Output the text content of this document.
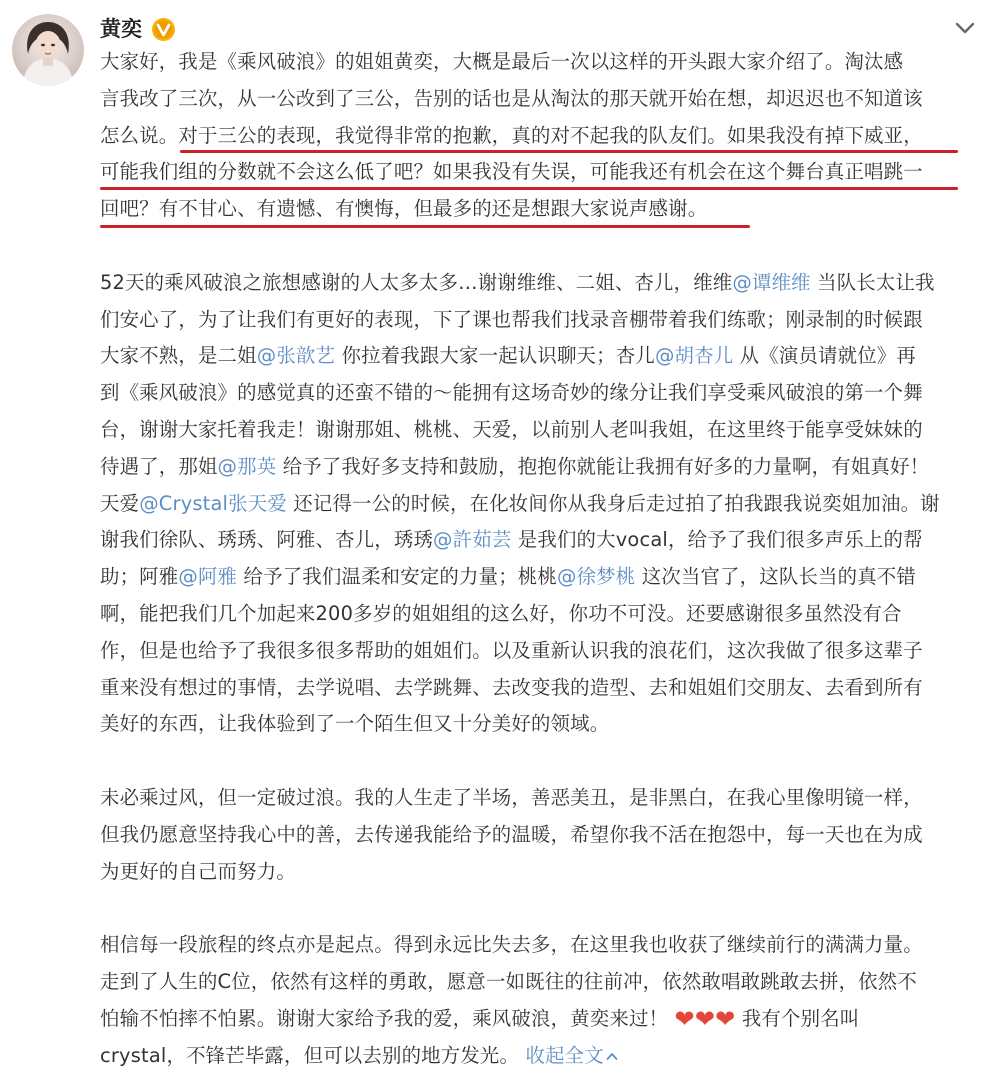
黄奕
大家好，我是《乘风破浪》的姐姐黄奕，大概是最后一次以这样的开头跟大家介绍了。淘汰感
言我改了三次，从一公改到了三公，告别的话也是从淘汰的那天就开始在想，却迟迟也不知道该
怎么说。对于三公的表现，我觉得非常的抱歉，真的对不起我的队友们。如果我没有掉下威亚，
可能我们组的分数就不会这么低了吧？如果我没有失误，可能我还有机会在这个舞台真正唱跳一
回吧？有不甘心、有遗憾、有懊悔，但最多的还是想跟大家说声感谢。
52天的乘风破浪之旅想感谢的人太多太多…谢谢维维、二姐、杏儿，维维@谭维维 当队长太让我
们安心了，为了让我们有更好的表现，下了课也帮我们找录音棚带着我们练歌；刚录制的时候跟
大家不熟，是二姐@张歆艺 你拉着我跟大家一起认识聊天；杏儿@胡杏儿 从《演员请就位》再
到《乘风破浪》的感觉真的还蛮不错的～能拥有这场奇妙的缘分让我们享受乘风破浪的第一个舞
台，谢谢大家托着我走！谢谢那姐、桃桃、天爱，以前别人老叫我姐，在这里终于能享受妹妹的
待遇了，那姐@那英 给予了我好多支持和鼓励，抱抱你就能让我拥有好多的力量啊，有姐真好！
天爱@Crystal张天爱 还记得一公的时候，在化妆间你从我身后走过拍了拍我跟我说奕姐加油。谢
谢我们徐队、琇琇、阿雅、杏儿，琇琇@許茹芸 是我们的大vocal，给予了我们很多声乐上的帮
助；阿雅@阿雅 给予了我们温柔和安定的力量；桃桃@徐梦桃 这次当官了，这队长当的真不错
啊，能把我们几个加起来200多岁的姐姐组的这么好，你功不可没。还要感谢很多虽然没有合
作，但是也给予了我很多很多帮助的姐姐们。以及重新认识我的浪花们，这次我做了很多这辈子
重来没有想过的事情，去学说唱、去学跳舞、去改变我的造型、去和姐姐们交朋友、去看到所有
美好的东西，让我体验到了一个陌生但又十分美好的领域。
未必乘过风，但一定破过浪。我的人生走了半场，善恶美丑，是非黑白，在我心里像明镜一样，
但我仍愿意坚持我心中的善，去传递我能给予的温暖，希望你我不活在抱怨中，每一天也在为成
为更好的自己而努力。
相信每一段旅程的终点亦是起点。得到永远比失去多，在这里我也收获了继续前行的满满力量。
走到了人生的C位，依然有这样的勇敢，愿意一如既往的往前冲，依然敢唱敢跳敢去拼，依然不
怕输不怕摔不怕累。谢谢大家给予我的爱，乘风破浪，黄奕来过！ ❤❤❤ 我有个别名叫
crystal，不锋芒毕露，但可以去别的地方发光。 收起全文
